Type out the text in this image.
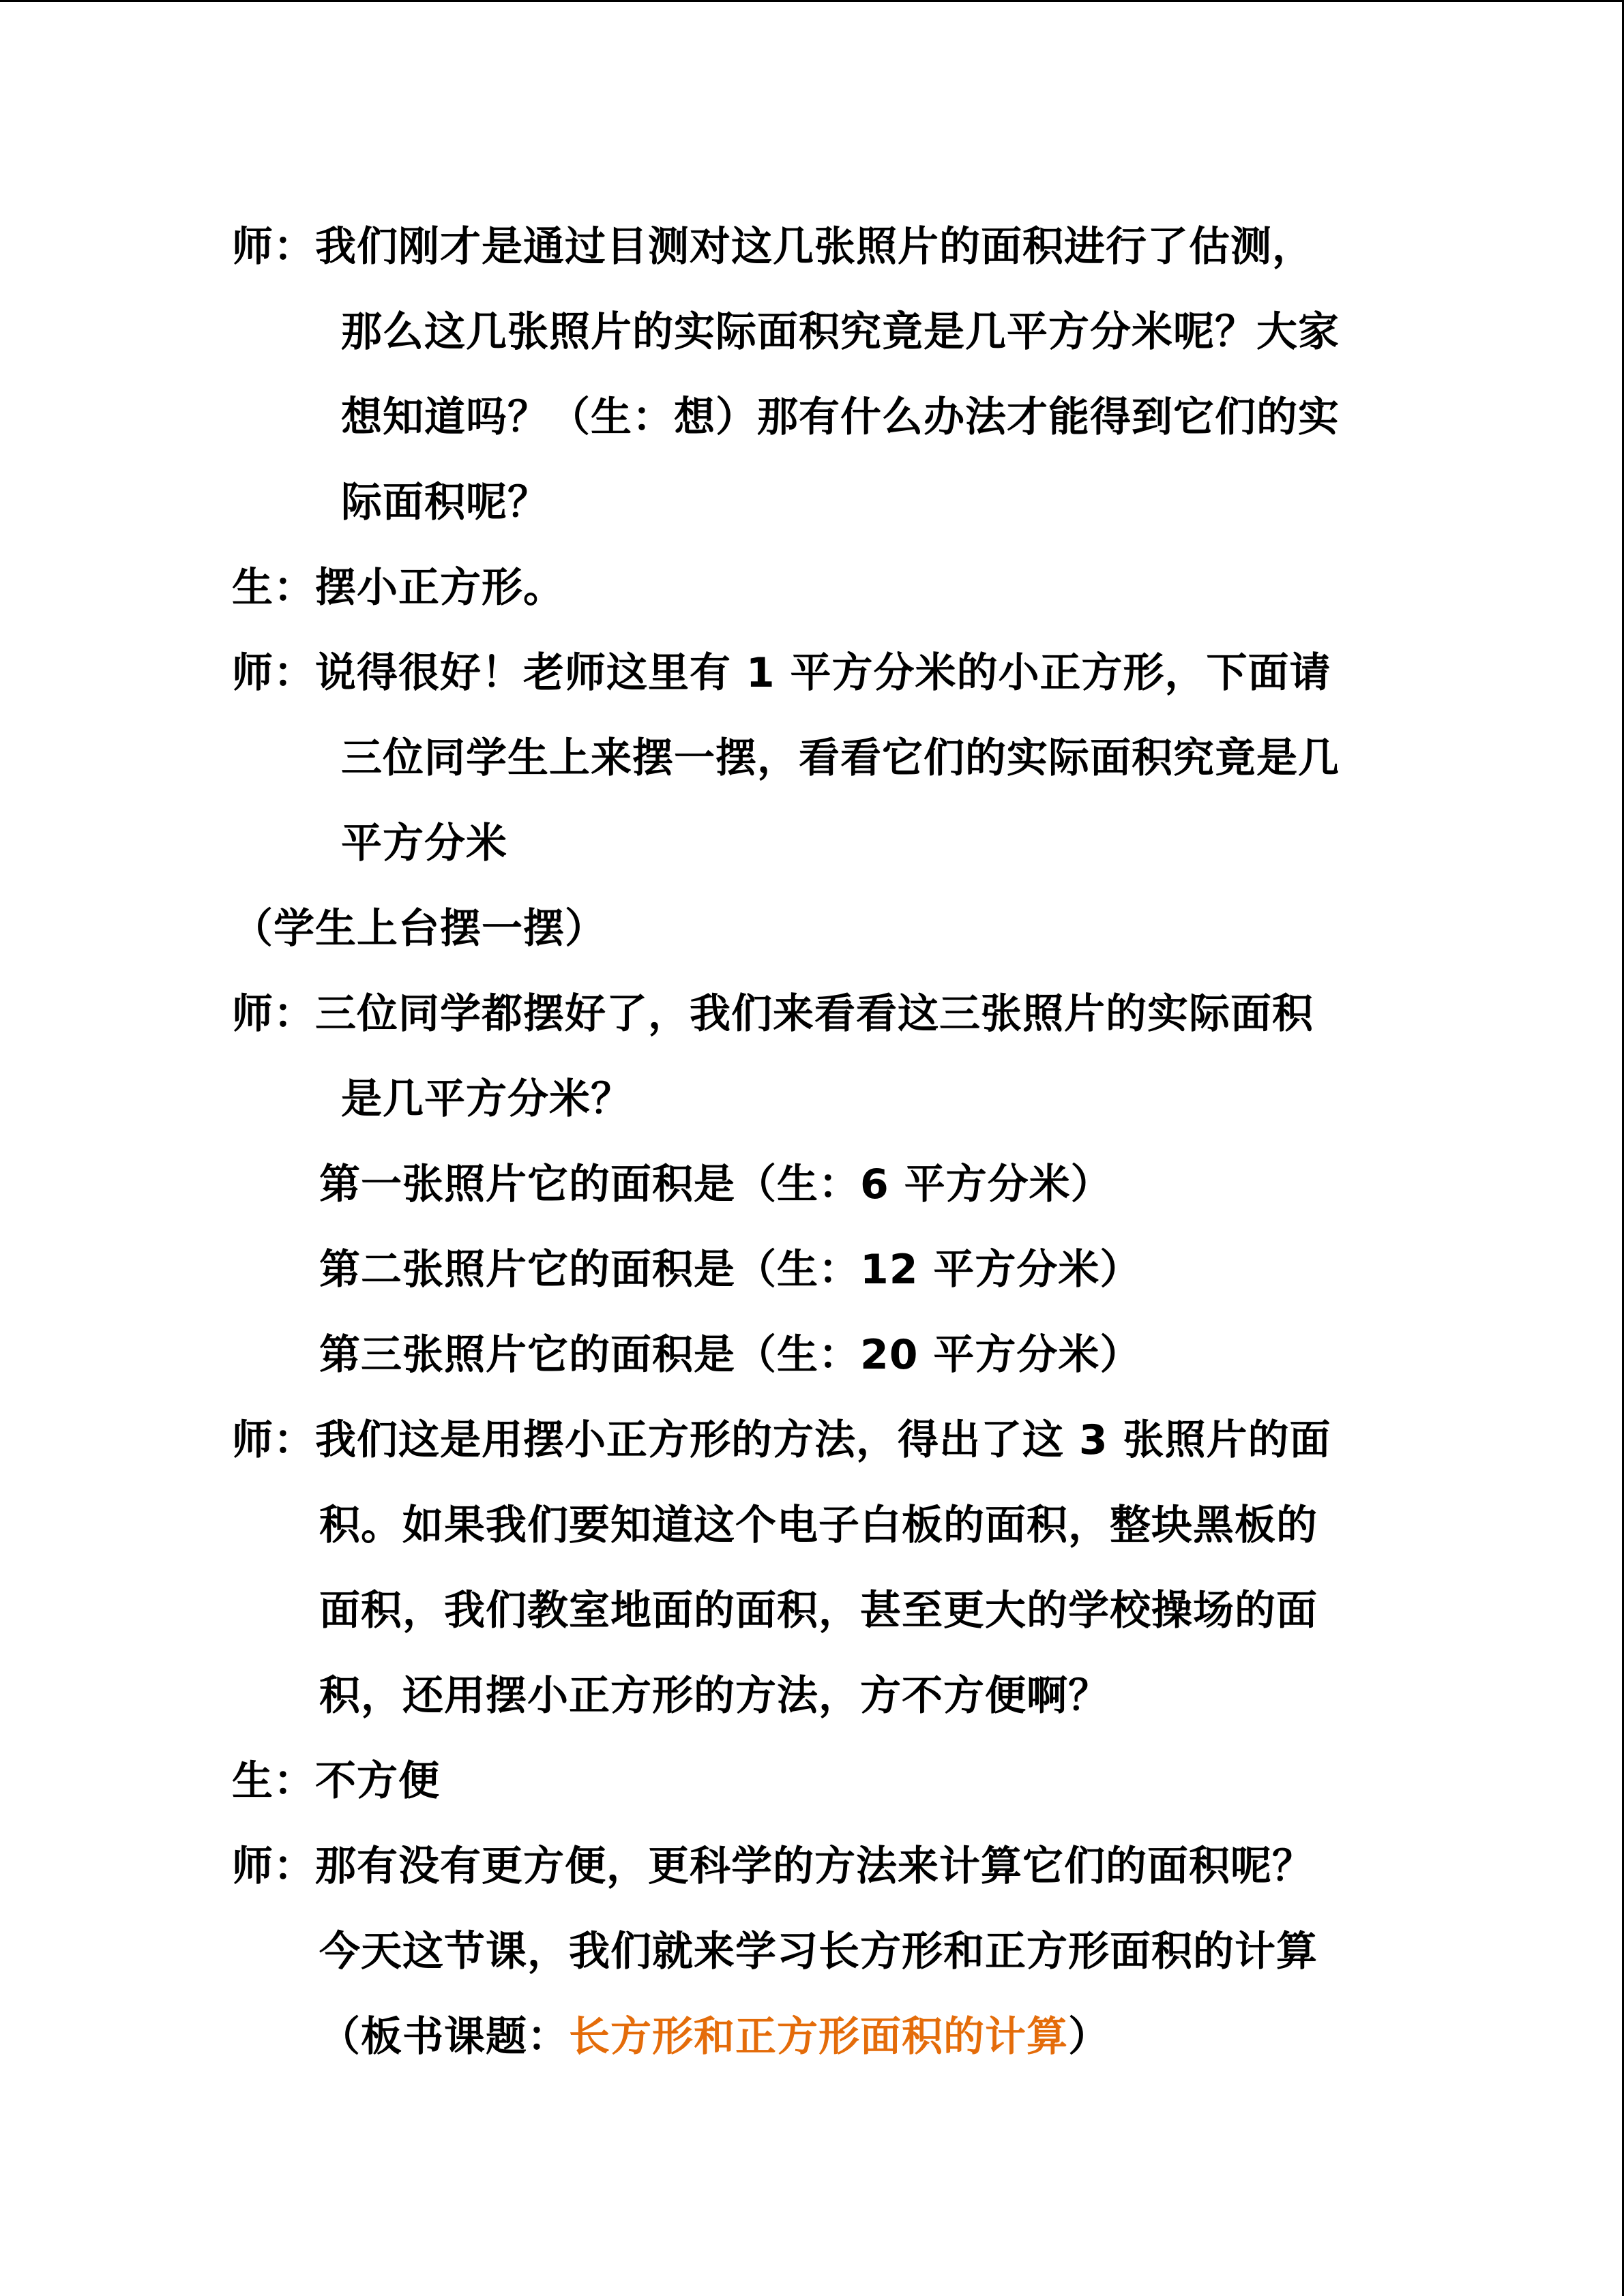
师：我们刚才是通过目测对这几张照片的面积进行了估测，
那么这几张照片的实际面积究竟是几平方分米呢？大家
想知道吗？（生：想）那有什么办法才能得到它们的实
际面积呢？
生：摆小正方形。
师：说得很好！老师这里有 1 平方分米的小正方形，下面请
三位同学生上来摆一摆，看看它们的实际面积究竟是几
平方分米
（学生上台摆一摆）
师：三位同学都摆好了，我们来看看这三张照片的实际面积
是几平方分米？
第一张照片它的面积是（生：6 平方分米）
第二张照片它的面积是（生：12 平方分米）
第三张照片它的面积是（生：20 平方分米）
师：我们这是用摆小正方形的方法，得出了这 3 张照片的面
积。如果我们要知道这个电子白板的面积，整块黑板的
面积，我们教室地面的面积，甚至更大的学校操场的面
积，还用摆小正方形的方法，方不方便啊？
生：不方便
师：那有没有更方便，更科学的方法来计算它们的面积呢？
今天这节课，我们就来学习长方形和正方形面积的计算
（板书课题：长方形和正方形面积的计算）
